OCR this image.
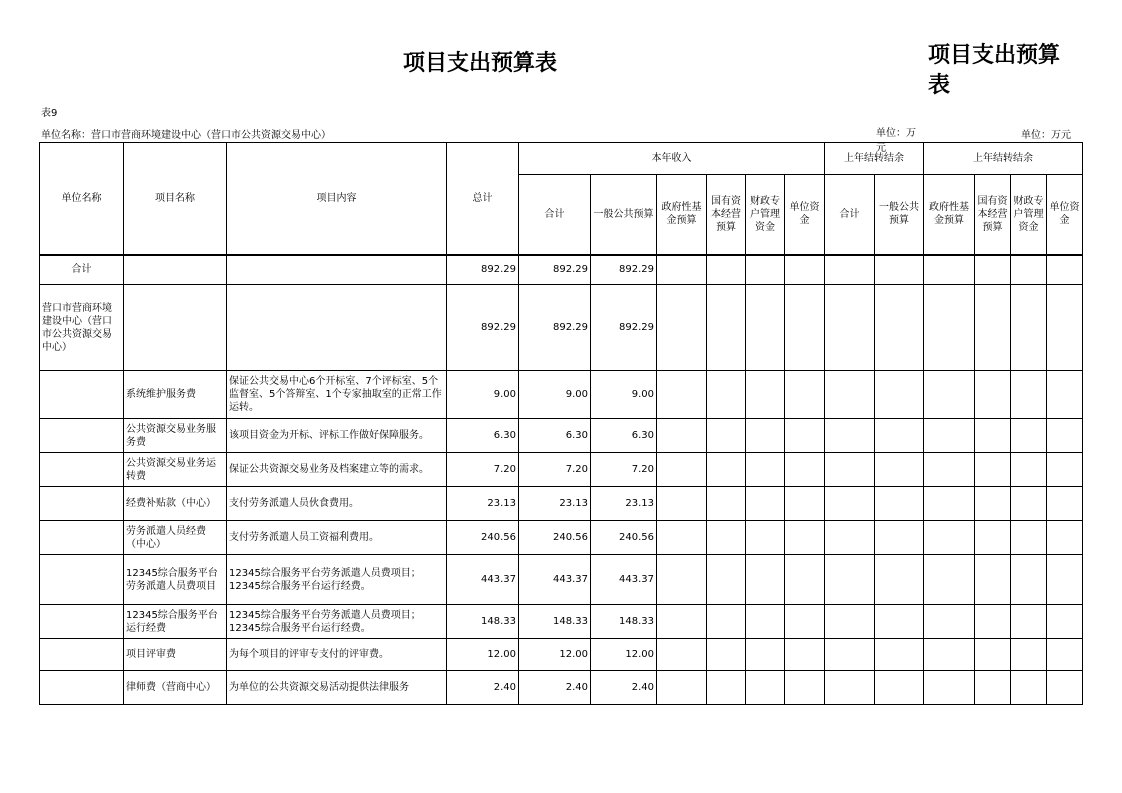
项目支出预算表	项目支出预算表
表9
单位名称：营口市营商环境建设中心（营口市公共资源交易中心）	单位：万元
单位：万元
单位名称	项目名称	项目内容	总计	本年收入						上年结转结余		上年结转结余			
				合计	一般公共预算	政府性基金预算	国有资本经营预算	财政专户管理资金	单位资金	合计	一般公共预算	政府性基金预算	国有资本经营预算	财政专户管理资金	单位资金
合计			892.29	892.29	892.29										
营口市营商环境建设中心（营口市公共资源交易中心）			892.29	892.29	892.29										
	系统维护服务费	保证公共交易中心6个开标室、7个评标室、5个监督室、5个答辩室、1个专家抽取室的正常工作运转。	9.00	9.00	9.00										
	公共资源交易业务服务费	该项目资金为开标、评标工作做好保障服务。	6.30	6.30	6.30										
	公共资源交易业务运转费	保证公共资源交易业务及档案建立等的需求。	7.20	7.20	7.20										
	经费补贴款（中心）	支付劳务派遣人员伙食费用。	23.13	23.13	23.13										
	劳务派遣人员经费（中心）	支付劳务派遣人员工资福利费用。	240.56	240.56	240.56										
	12345综合服务平台劳务派遣人员费项目	12345综合服务平台劳务派遣人员费项目；12345综合服务平台运行经费。	443.37	443.37	443.37										
	12345综合服务平台运行经费	12345综合服务平台劳务派遣人员费项目；12345综合服务平台运行经费。	148.33	148.33	148.33										
	项目评审费	为每个项目的评审专支付的评审费。	12.00	12.00	12.00										
	律师费（营商中心）	为单位的公共资源交易活动提供法律服务	2.40	2.40	2.40										
